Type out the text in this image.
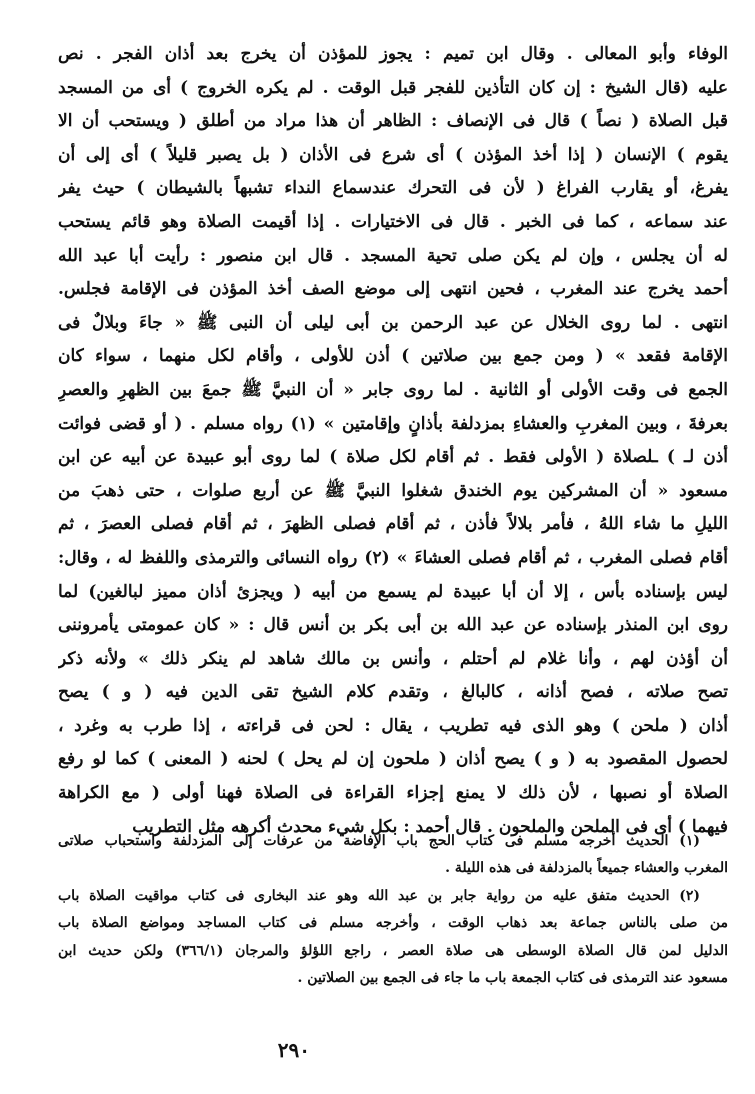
الوفاء وأبو المعالى . وقال ابن تميم : يجوز للمؤذن أن يخرج بعد أذان الفجر . نص
عليه (قال الشيخ : إن كان التأذين للفجر قبل الوقت . لم يكره الخروج ) أى من المسجد
قبل الصلاة ( نصاً ) قال فى الإنصاف : الظاهر أن هذا مراد من أطلق ( ويستحب أن الا
يقوم ) الإنسان ( إذا أخذ المؤذن ) أى شرع فى الأذان ( بل يصبر قليلاً ) أى إلى أن
يفرغ، أو يقارب الفراغ ( لأن فى التحرك عندسماع النداء تشبهاً بالشيطان ) حيث يفر
عند سماعه ، كما فى الخبر . قال فى الاختيارات . إذا أقيمت الصلاة وهو قائم يستحب
له أن يجلس ، وإن لم يكن صلى تحية المسجد . قال ابن منصور : رأيت أبا عبد الله
أحمد يخرج عند المغرب ، فحين انتهى إلى موضع الصف أخذ المؤذن فى الإقامة فجلس.
انتهى . لما روى الخلال عن عبد الرحمن بن أبى ليلى أن النبى ﷺ « جاءَ وبلالٌ فى
الإقامة فقعد » ( ومن جمع بين صلاتين ) أذن للأولى ، وأقام لكل منهما ، سواء كان
الجمع فى وقت الأولى أو الثانية . لما روى جابر « أن النبيَّ ﷺ جمعَ بين الظهرِ والعصرِ
بعرفةَ ، وبين المغربِ والعشاءِ بمزدلفة بأذانٍ وإقامتين » (١) رواه مسلم . ( أو قضى فوائت
أذن لـ ) ـلصلاة ( الأولى فقط . ثم أقام لكل صلاة ) لما روى أبو عبيدة عن أبيه عن ابن
مسعود « أن المشركين يوم الخندق شغلوا النبيَّ ﷺ عن أربع صلوات ، حتى ذهبَ من
الليلِ ما شاء اللهُ ، فأمر بلالاً فأذن ، ثم أقام فصلى الظهرَ ، ثم أقام فصلى العصرَ ، ثم
أقام فصلى المغرب ، ثم أقام فصلى العشاءَ » (٢) رواه النسائى والترمذى واللفظ له ، وقال:
ليس بإسناده بأس ، إلا أن أبا عبيدة لم يسمع من أبيه ( ويجزئ أذان مميز لبالغين) لما
روى ابن المنذر بإسناده عن عبد الله بن أبى بكر بن أنس قال : « كان عمومتى يأمروننى
أن أؤذن لهم ، وأنا غلام لم أحتلم ، وأنس بن مالك شاهد لم ينكر ذلك » ولأنه ذكر
تصح صلاته ، فصح أذانه ، كالبالغ ، وتقدم كلام الشيخ تقى الدين فيه ( و ) يصح
أذان ( ملحن ) وهو الذى فيه تطريب ، يقال : لحن فى قراءته ، إذا طرب به وغرد ،
لحصول المقصود به ( و ) يصح أذان ( ملحون إن لم يحل ) لحنه ( المعنى ) كما لو رفع
الصلاة أو نصبها ، لأن ذلك لا يمنع إجزاء القراءة فى الصلاة فهنا أولى ( مع الكراهة
فيهما ) أى فى الملحن والملحون . قال أحمد : بكل شيء محدث أكرهه مثل التطريب
(١) الحديث أخرجه مسلم فى كتاب الحج باب الإفاضة من عرفات إلى المزدلفة واستحباب صلاتى
المغرب والعشاء جميعاً بالمزدلفة فى هذه الليلة .
(٢) الحديث متفق عليه من رواية جابر بن عبد الله وهو عند البخارى فى كتاب مواقيت الصلاة باب
من صلى بالناس جماعة بعد ذهاب الوقت ، وأخرجه مسلم فى كتاب المساجد ومواضع الصلاة باب
الدليل لمن قال الصلاة الوسطى هى صلاة العصر ، راجع اللؤلؤ والمرجان (٣٦٦/١) ولكن حديث ابن
مسعود عند الترمذى فى كتاب الجمعة باب ما جاء فى الجمع بين الصلاتين .
٢٩٠
